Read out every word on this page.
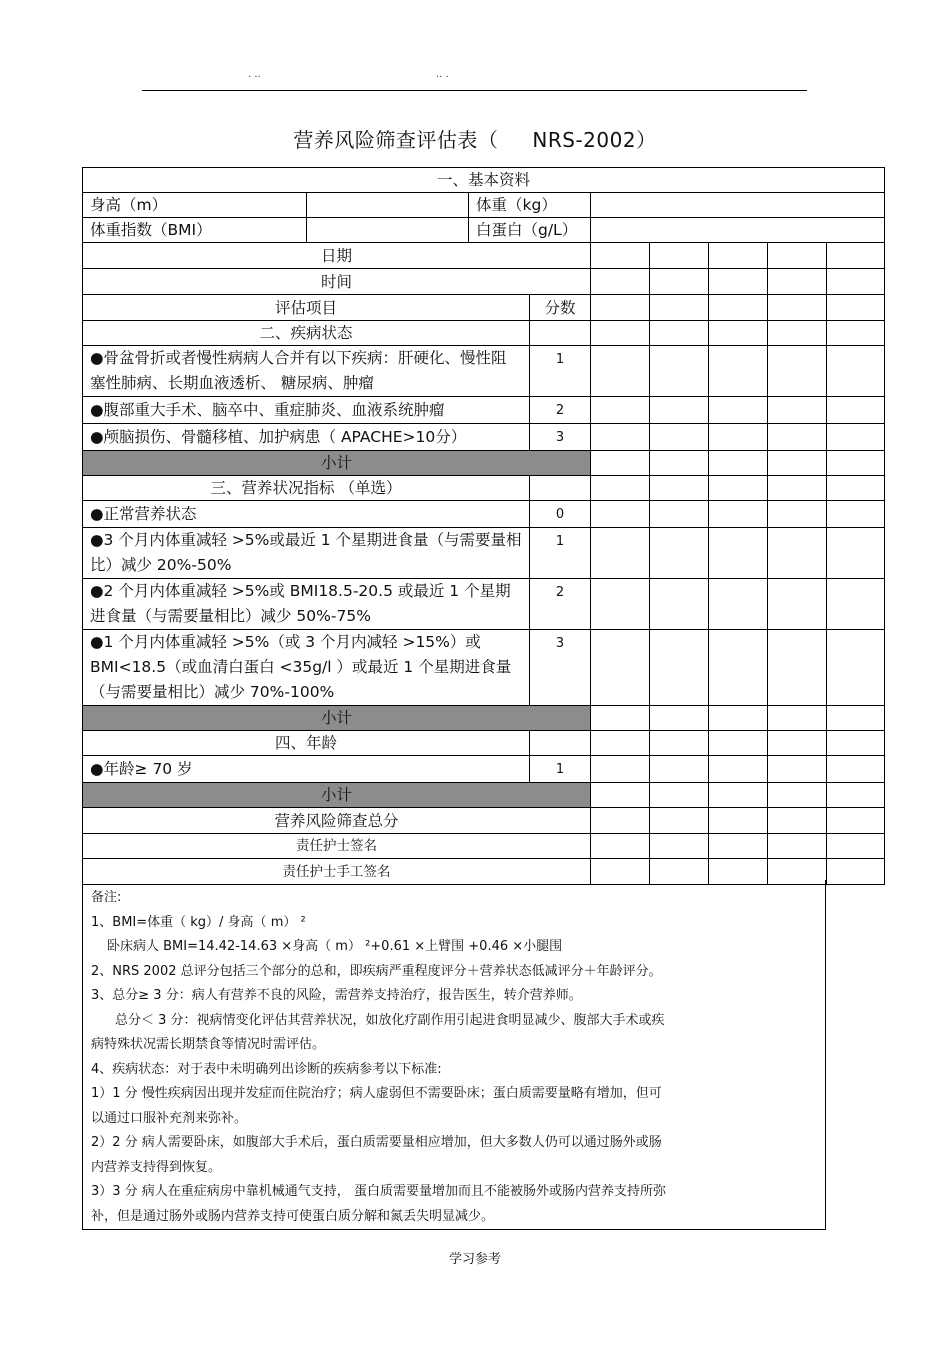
· ··	·· ·
营养风险筛查评估表（ NRS-2002）
一、基本资料								
身高（m）		体重（kg）						
体重指数（BMI）		白蛋白（g/L）						
日期								
时间								
评估项目			分数					
二、疾病状态								
●骨盆骨折或者慢性病病人合并有以下疾病：肝硬化、慢性阻塞性肺病、长期血液透析、 糖尿病、肿瘤			1					
●腹部重大手术、脑卒中、重症肺炎、血液系统肿瘤			2					
●颅脑损伤、骨髓移植、加护病患（ APACHE>10分）			3					
小计								
三、营养状况指标 （单选）								
●正常营养状态			0					
●3 个月内体重减轻 >5%或最近 1 个星期进食量（与需要量相比）减少 20%-50%			1					
●2 个月内体重减轻 >5%或 BMI18.5-20.5 或最近 1 个星期进食量（与需要量相比）减少 50%-75%			2					
●1 个月内体重减轻 >5%（或 3 个月内减轻 >15%）或 BMI<18.5（或血清白蛋白 <35g/l ）或最近 1 个星期进食量（与需要量相比）减少 70%-100%			3					
小计								
四、年龄								
●年龄≥ 70 岁			1					
小计								
营养风险筛查总分								
责任护士签名								
责任护士手工签名								

备注:

1、BMI=体重（ kg）/ 身高（ m） ²

卧床病人 BMI=14.42-14.63 ×身高（ m） ²+0.61 ×上臂围 +0.46 ×小腿围

2、NRS 2002 总评分包括三个部分的总和，即疾病严重程度评分＋营养状态低减评分＋年龄评分。

3、总分≥ 3 分：病人有营养不良的风险，需营养支持治疗，报告医生，转介营养师。

总分＜ 3 分：视病情变化评估其营养状况，如放化疗副作用引起进食明显减少、腹部大手术或疾

病特殊状况需长期禁食等情况时需评估。

4、疾病状态：对于表中未明确列出诊断的疾病参考以下标准:

1）1 分 慢性疾病因出现并发症而住院治疗；病人虚弱但不需要卧床；蛋白质需要量略有增加，但可

以通过口服补充剂来弥补。

2）2 分 病人需要卧床，如腹部大手术后，蛋白质需要量相应增加，但大多数人仍可以通过肠外或肠

内营养支持得到恢复。

3）3 分 病人在重症病房中靠机械通气支持， 蛋白质需要量增加而且不能被肠外或肠内营养支持所弥

补，但是通过肠外或肠内营养支持可使蛋白质分解和氮丢失明显减少。

学习参考
